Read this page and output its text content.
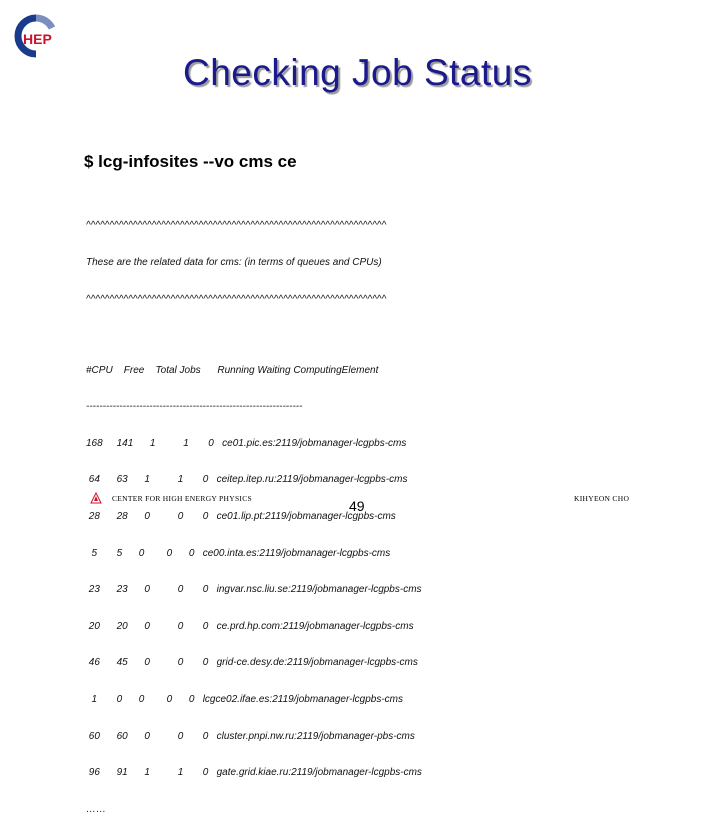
HEP
Checking Job Status
$ lcg-infosites --vo cms ce

^^^^^^^^^^^^^^^^^^^^^^^^^^^^^^^^^^^^^^^^^^^^^^^^^^^^^^^^^^^^^^^^

These are the related data for cms: (in terms of queues and CPUs)

^^^^^^^^^^^^^^^^^^^^^^^^^^^^^^^^^^^^^^^^^^^^^^^^^^^^^^^^^^^^^^^^

#CPU    Free    Total Jobs      Running Waiting ComputingElement

-----------------------------------------------------------------

168     141      1          1       0   ce01.pic.es:2119/jobmanager-lcgpbs-cms

64      63      1          1       0   ceitep.itep.ru:2119/jobmanager-lcgpbs-cms

28      28      0          0       0   ce01.lip.pt:2119/jobmanager-lcgpbs-cms

5       5      0        0      0   ce00.inta.es:2119/jobmanager-lcgpbs-cms

23      23      0          0       0   ingvar.nsc.liu.se:2119/jobmanager-lcgpbs-cms

20      20      0          0       0   ce.prd.hp.com:2119/jobmanager-lcgpbs-cms

46      45      0          0       0   grid-ce.desy.de:2119/jobmanager-lcgpbs-cms

1       0      0        0      0   lcgce02.ifae.es:2119/jobmanager-lcgpbs-cms

60      60      0          0       0   cluster.pnpi.nw.ru:2119/jobmanager-pbs-cms

96      91      1          1       0   gate.grid.kiae.ru:2119/jobmanager-lcgpbs-cms

……

CENTER FOR HIGH ENERGY PHYSICS	49	KIHYEON CHO
